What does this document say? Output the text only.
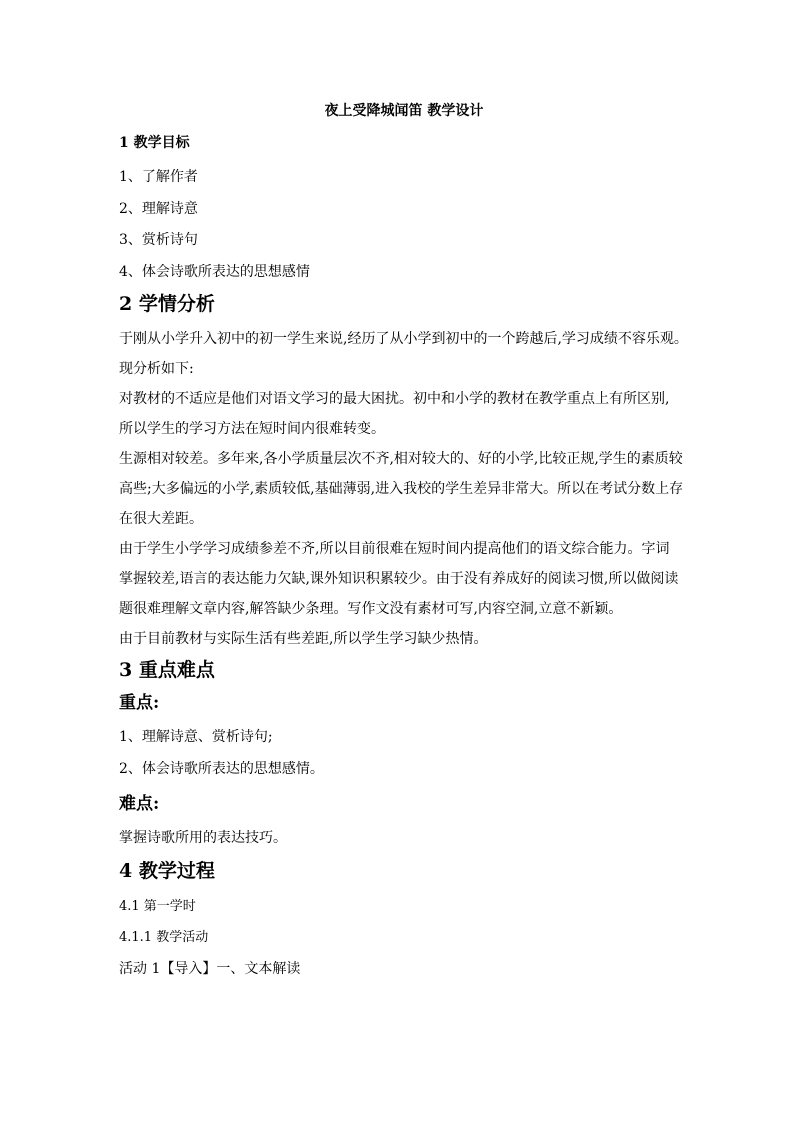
夜上受降城闻笛 教学设计
1 教学目标

1、了解作者

2、理解诗意

3、赏析诗句

4、体会诗歌所表达的思想感情

2 学情分析

于刚从小学升入初中的初一学生来说,经历了从小学到初中的一个跨越后,学习成绩不容乐观。

现分析如下:

对教材的不适应是他们对语文学习的最大困扰。初中和小学的教材在教学重点上有所区别,

所以学生的学习方法在短时间内很难转变。

生源相对较差。多年来,各小学质量层次不齐,相对较大的、好的小学,比较正规,学生的素质较

高些;大多偏远的小学,素质较低,基础薄弱,进入我校的学生差异非常大。所以在考试分数上存

在很大差距。

由于学生小学学习成绩参差不齐,所以目前很难在短时间内提高他们的语文综合能力。字词

掌握较差,语言的表达能力欠缺,课外知识积累较少。由于没有养成好的阅读习惯,所以做阅读

题很难理解文章内容,解答缺少条理。写作文没有素材可写,内容空洞,立意不新颖。

由于目前教材与实际生活有些差距,所以学生学习缺少热情。

3 重点难点
重点:

1、理解诗意、赏析诗句;

2、体会诗歌所表达的思想感情。

难点:

掌握诗歌所用的表达技巧。

4 教学过程

4.1 第一学时

4.1.1 教学活动

活动 1【导入】一、文本解读
